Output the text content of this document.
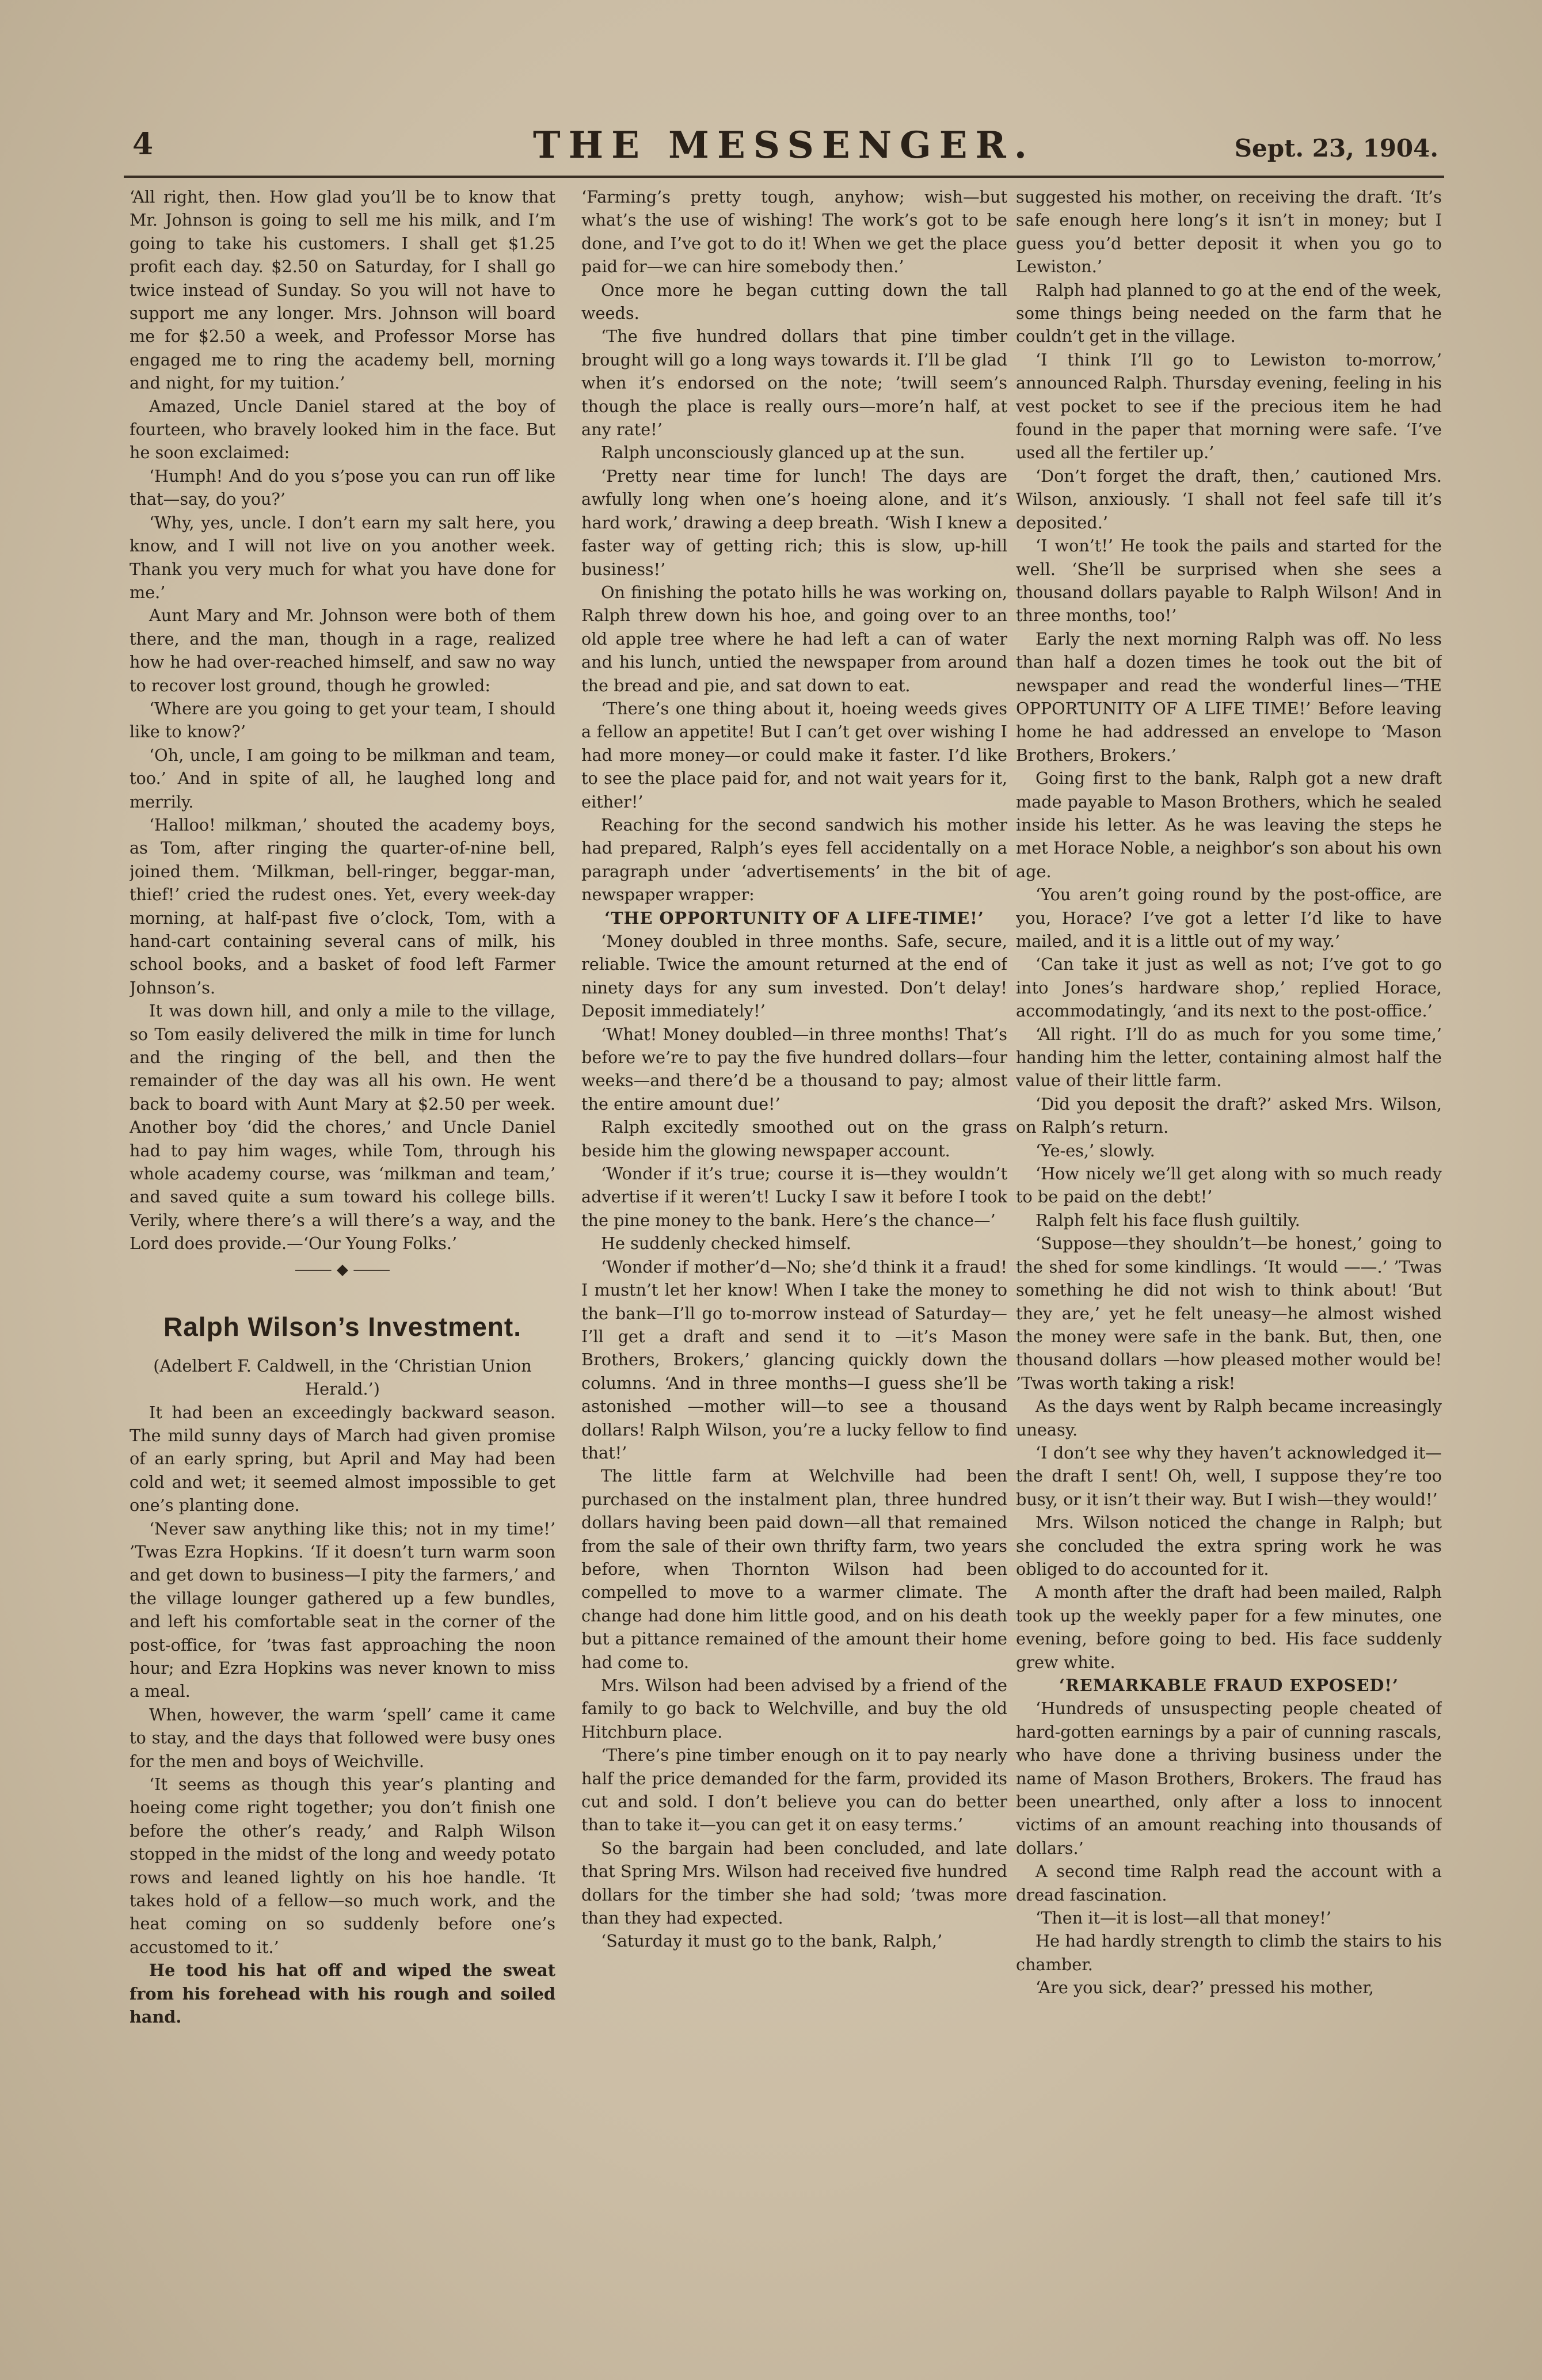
4	THE MESSENGER.	Sept. 23, 1904.

‘All right, then. How glad you’ll be to know that Mr. Johnson is going to sell me his milk, and I’m going to take his customers. I shall get $1.25 profit each day. $2.50 on Saturday, for I shall go twice instead of Sunday. So you will not have to support me any longer. Mrs. Johnson will board me for $2.50 a week, and Professor Morse has engaged me to ring the academy bell, morning and night, for my tuition.’

Amazed, Uncle Daniel stared at the boy of fourteen, who bravely looked him in the face. But he soon exclaimed:

‘Humph! And do you s’pose you can run off like that—say, do you?’

‘Why, yes, uncle. I don’t earn my salt here, you know, and I will not live on you another week. Thank you very much for what you have done for me.’

Aunt Mary and Mr. Johnson were both of them there, and the man, though in a rage, realized how he had over-reached himself, and saw no way to recover lost ground, though he growled:

‘Where are you going to get your team, I should like to know?’

‘Oh, uncle, I am going to be milkman and team, too.’ And in spite of all, he laughed long and merrily.

‘Halloo! milkman,’ shouted the academy boys, as Tom, after ringing the quarter-of-nine bell, joined them. ‘Milkman, bell-ringer, beggar-man, thief!’ cried the rudest ones. Yet, every week-day morning, at half-past five o’clock, Tom, with a hand-cart containing several cans of milk, his school books, and a basket of food left Farmer Johnson’s.

It was down hill, and only a mile to the village, so Tom easily delivered the milk in time for lunch and the ringing of the bell, and then the remainder of the day was all his own. He went back to board with Aunt Mary at $2.50 per week. Another boy ‘did the chores,’ and Uncle Daniel had to pay him wages, while Tom, through his whole academy course, was ‘milkman and team,’ and saved quite a sum toward his college bills. Verily, where there’s a will there’s a way, and the Lord does provide.—‘Our Young Folks.’

⸻ ◆ ⸻
Ralph Wilson’s Investment.

(Adelbert F. Caldwell, in the ‘Christian Union Herald.’)

It had been an exceedingly backward season. The mild sunny days of March had given promise of an early spring, but April and May had been cold and wet; it seemed almost impossible to get one’s planting done.

‘Never saw anything like this; not in my time!’ ’Twas Ezra Hopkins. ‘If it doesn’t turn warm soon and get down to business—I pity the farmers,’ and the village lounger gathered up a few bundles, and left his comfortable seat in the corner of the post-office, for ’twas fast approaching the noon hour; and Ezra Hopkins was never known to miss a meal.

When, however, the warm ‘spell’ came it came to stay, and the days that followed were busy ones for the men and boys of Weichville.

‘It seems as though this year’s planting and hoeing come right together; you don’t finish one before the other’s ready,’ and Ralph Wilson stopped in the midst of the long and weedy potato rows and leaned lightly on his hoe handle. ‘It takes hold of a fellow—so much work, and the heat coming on so suddenly before one’s accustomed to it.’

He tood his hat off and wiped the sweat from his forehead with his rough and soiled hand.

‘Farming’s pretty tough, anyhow; wish—but what’s the use of wishing! The work’s got to be done, and I’ve got to do it! When we get the place paid for—we can hire somebody then.’

Once more he began cutting down the tall weeds.

‘The five hundred dollars that pine timber brought will go a long ways towards it. I’ll be glad when it’s endorsed on the note; ’twill seem’s though the place is really ours—more’n half, at any rate!’

Ralph unconsciously glanced up at the sun.

‘Pretty near time for lunch! The days are awfully long when one’s hoeing alone, and it’s hard work,’ drawing a deep breath. ‘Wish I knew a faster way of getting rich; this is slow, up-hill business!’

On finishing the potato hills he was working on, Ralph threw down his hoe, and going over to an old apple tree where he had left a can of water and his lunch, untied the newspaper from around the bread and pie, and sat down to eat.

‘There’s one thing about it, hoeing weeds gives a fellow an appetite! But I can’t get over wishing I had more money—or could make it faster. I’d like to see the place paid for, and not wait years for it, either!’

Reaching for the second sandwich his mother had prepared, Ralph’s eyes fell accidentally on a paragraph under ‘advertisements’ in the bit of newspaper wrapper:

‘THE OPPORTUNITY OF A LIFE-TIME!’

‘Money doubled in three months. Safe, secure, reliable. Twice the amount returned at the end of ninety days for any sum invested. Don’t delay! Deposit immediately!’

‘What! Money doubled—in three months! That’s before we’re to pay the five hundred dollars—four weeks—and there’d be a thousand to pay; almost the entire amount due!’

Ralph excitedly smoothed out on the grass beside him the glowing newspaper account.

‘Wonder if it’s true; course it is—they wouldn’t advertise if it weren’t! Lucky I saw it before I took the pine money to the bank. Here’s the chance—’

He suddenly checked himself.

‘Wonder if mother’d—No; she’d think it a fraud! I mustn’t let her know! When I take the money to the bank—I’ll go to-morrow instead of Saturday—I’ll get a draft and send it to —it’s Mason Brothers, Brokers,’ glancing quickly down the columns. ‘And in three months—I guess she’ll be astonished —mother will—to see a thousand dollars! Ralph Wilson, you’re a lucky fellow to find that!’

The little farm at Welchville had been purchased on the instalment plan, three hundred dollars having been paid down—all that remained from the sale of their own thrifty farm, two years before, when Thornton Wilson had been compelled to move to a warmer climate. The change had done him little good, and on his death but a pittance remained of the amount their home had come to.

Mrs. Wilson had been advised by a friend of the family to go back to Welchville, and buy the old Hitchburn place.

‘There’s pine timber enough on it to pay nearly half the price demanded for the farm, provided its cut and sold. I don’t believe you can do better than to take it—you can get it on easy terms.’

So the bargain had been concluded, and late that Spring Mrs. Wilson had received five hundred dollars for the timber she had sold; ’twas more than they had expected.

‘Saturday it must go to the bank, Ralph,’

suggested his mother, on receiving the draft. ‘It’s safe enough here long’s it isn’t in money; but I guess you’d better deposit it when you go to Lewiston.’

Ralph had planned to go at the end of the week, some things being needed on the farm that he couldn’t get in the village.

‘I think I’ll go to Lewiston to-morrow,’ announced Ralph. Thursday evening, feeling in his vest pocket to see if the precious item he had found in the paper that morning were safe. ‘I’ve used all the fertiler up.’

‘Don’t forget the draft, then,’ cautioned Mrs. Wilson, anxiously. ‘I shall not feel safe till it’s deposited.’

‘I won’t!’ He took the pails and started for the well. ‘She’ll be surprised when she sees a thousand dollars payable to Ralph Wilson! And in three months, too!’

Early the next morning Ralph was off. No less than half a dozen times he took out the bit of newspaper and read the wonderful lines—‘THE OPPORTUNITY OF A LIFE TIME!’ Before leaving home he had addressed an envelope to ‘Mason Brothers, Brokers.’

Going first to the bank, Ralph got a new draft made payable to Mason Brothers, which he sealed inside his letter. As he was leaving the steps he met Horace Noble, a neighbor’s son about his own age.

‘You aren’t going round by the post-office, are you, Horace? I’ve got a letter I’d like to have mailed, and it is a little out of my way.’

‘Can take it just as well as not; I’ve got to go into Jones’s hardware shop,’ replied Horace, accommodatingly, ‘and its next to the post-office.’

‘All right. I’ll do as much for you some time,’ handing him the letter, containing almost half the value of their little farm.

‘Did you deposit the draft?’ asked Mrs. Wilson, on Ralph’s return.

‘Ye-es,’ slowly.

‘How nicely we’ll get along with so much ready to be paid on the debt!’

Ralph felt his face flush guiltily.

‘Suppose—they shouldn’t—be honest,’ going to the shed for some kindlings. ‘It would ——.’ ’Twas something he did not wish to think about! ‘But they are,’ yet he felt uneasy—he almost wished the money were safe in the bank. But, then, one thousand dollars —how pleased mother would be! ’Twas worth taking a risk!

As the days went by Ralph became increasingly uneasy.

‘I don’t see why they haven’t acknowledged it—the draft I sent! Oh, well, I suppose they’re too busy, or it isn’t their way. But I wish—they would!’

Mrs. Wilson noticed the change in Ralph; but she concluded the extra spring work he was obliged to do accounted for it.

A month after the draft had been mailed, Ralph took up the weekly paper for a few minutes, one evening, before going to bed. His face suddenly grew white.

‘REMARKABLE FRAUD EXPOSED!’

‘Hundreds of unsuspecting people cheated of hard-gotten earnings by a pair of cunning rascals, who have done a thriving business under the name of Mason Brothers, Brokers. The fraud has been unearthed, only after a loss to innocent victims of an amount reaching into thousands of dollars.’

A second time Ralph read the account with a dread fascination.

‘Then it—it is lost—all that money!’

He had hardly strength to climb the stairs to his chamber.

‘Are you sick, dear?’ pressed his mother,
